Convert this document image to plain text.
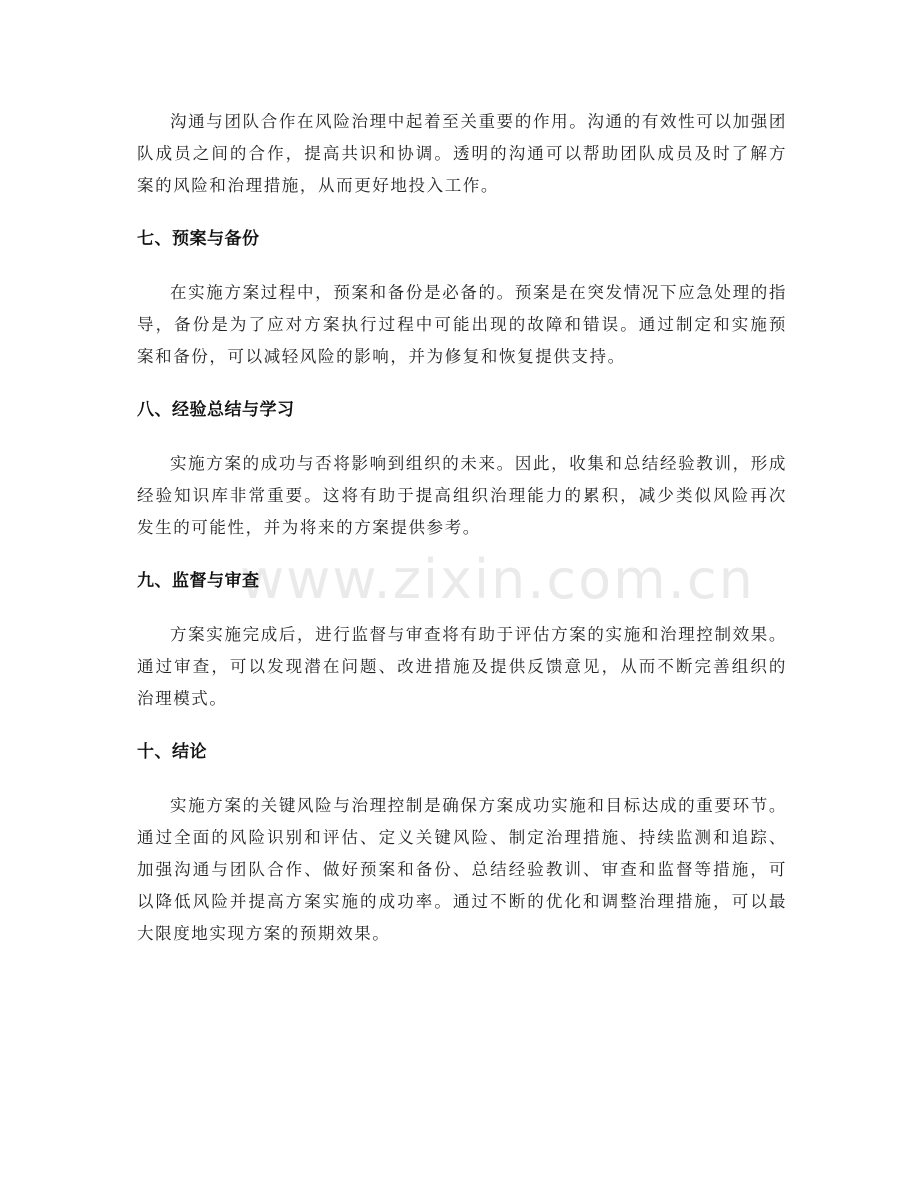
沟通与团队合作在风险治理中起着至关重要的作用。沟通的有效性可以加强团队成员之间的合作，提高共识和协调。透明的沟通可以帮助团队成员及时了解方案的风险和治理措施，从而更好地投入工作。

七、预案与备份

在实施方案过程中，预案和备份是必备的。预案是在突发情况下应急处理的指导，备份是为了应对方案执行过程中可能出现的故障和错误。通过制定和实施预案和备份，可以减轻风险的影响，并为修复和恢复提供支持。

八、经验总结与学习

实施方案的成功与否将影响到组织的未来。因此，收集和总结经验教训，形成经验知识库非常重要。这将有助于提高组织治理能力的累积，减少类似风险再次发生的可能性，并为将来的方案提供参考。

九、监督与审查

方案实施完成后，进行监督与审查将有助于评估方案的实施和治理控制效果。通过审查，可以发现潜在问题、改进措施及提供反馈意见，从而不断完善组织的治理模式。

十、结论

实施方案的关键风险与治理控制是确保方案成功实施和目标达成的重要环节。通过全面的风险识别和评估、定义关键风险、制定治理措施、持续监测和追踪、加强沟通与团队合作、做好预案和备份、总结经验教训、审查和监督等措施，可以降低风险并提高方案实施的成功率。通过不断的优化和调整治理措施，可以最大限度地实现方案的预期效果。

www.zixin.com.cn
